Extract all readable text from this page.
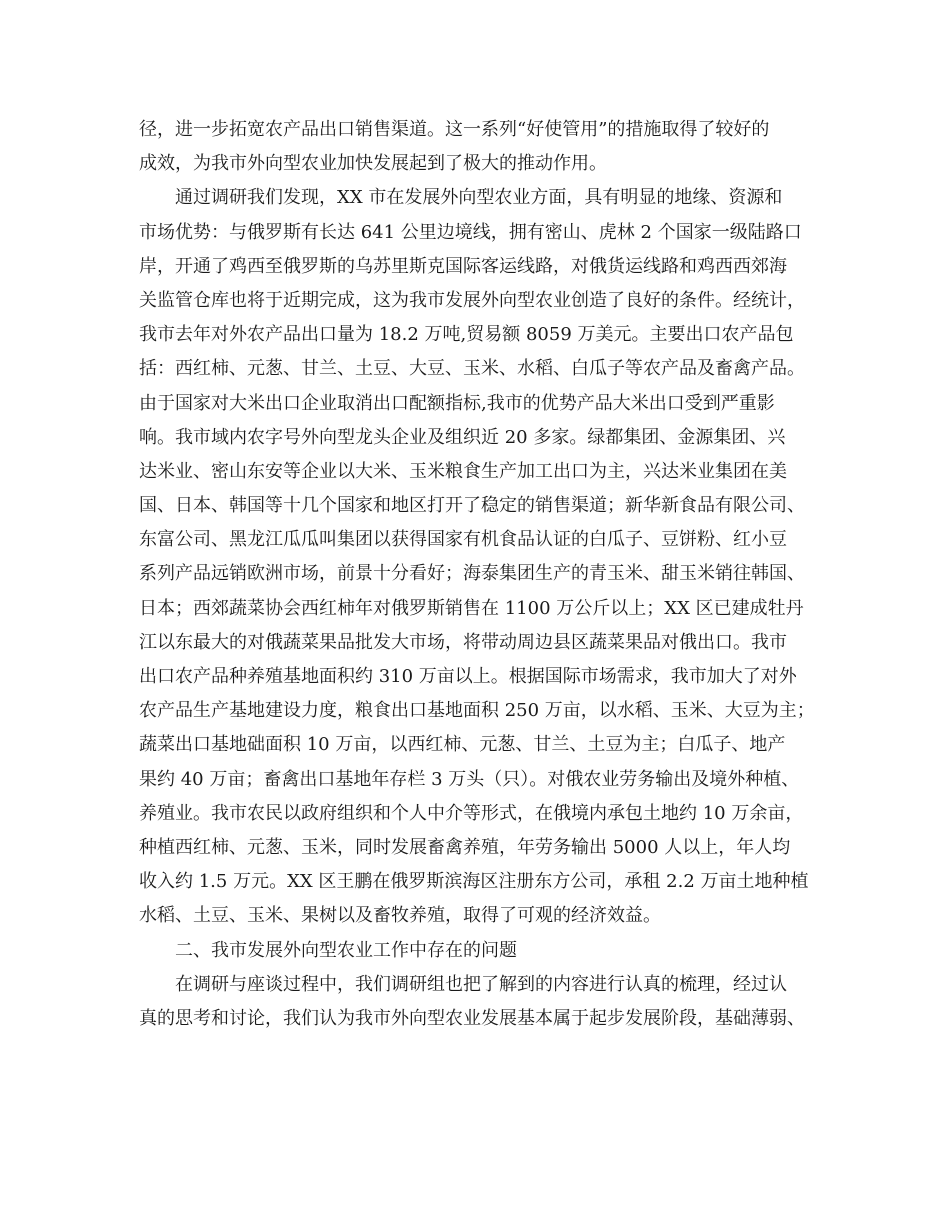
径，进一步拓宽农产品出口销售渠道。这一系列“好使管用”的措施取得了较好的
成效，为我市外向型农业加快发展起到了极大的推动作用。
通过调研我们发现，XX 市在发展外向型农业方面，具有明显的地缘、资源和
市场优势：与俄罗斯有长达 641 公里边境线，拥有密山、虎林 2 个国家一级陆路口
岸，开通了鸡西至俄罗斯的乌苏里斯克国际客运线路，对俄货运线路和鸡西西郊海
关监管仓库也将于近期完成，这为我市发展外向型农业创造了良好的条件。经统计，
我市去年对外农产品出口量为 18.2 万吨,贸易额 8059 万美元。主要出口农产品包
括：西红柿、元葱、甘兰、土豆、大豆、玉米、水稻、白瓜子等农产品及畜禽产品。
由于国家对大米出口企业取消出口配额指标,我市的优势产品大米出口受到严重影
响。我市域内农字号外向型龙头企业及组织近 20 多家。绿都集团、金源集团、兴
达米业、密山东安等企业以大米、玉米粮食生产加工出口为主，兴达米业集团在美
国、日本、韩国等十几个国家和地区打开了稳定的销售渠道；新华新食品有限公司、
东富公司、黑龙江瓜瓜叫集团以获得国家有机食品认证的白瓜子、豆饼粉、红小豆
系列产品远销欧洲市场，前景十分看好；海泰集团生产的青玉米、甜玉米销往韩国、
日本；西郊蔬菜协会西红柿年对俄罗斯销售在 1100 万公斤以上；XX 区已建成牡丹
江以东最大的对俄蔬菜果品批发大市场，将带动周边县区蔬菜果品对俄出口。我市
出口农产品种养殖基地面积约 310 万亩以上。根据国际市场需求，我市加大了对外
农产品生产基地建设力度，粮食出口基地面积 250 万亩，以水稻、玉米、大豆为主；
蔬菜出口基地础面积 10 万亩，以西红柿、元葱、甘兰、土豆为主；白瓜子、地产
果约 40 万亩；畜禽出口基地年存栏 3 万头（只）。对俄农业劳务输出及境外种植、
养殖业。我市农民以政府组织和个人中介等形式，在俄境内承包土地约 10 万余亩，
种植西红柿、元葱、玉米，同时发展畜禽养殖，年劳务输出 5000 人以上，年人均
收入约 1.5 万元。XX 区王鹏在俄罗斯滨海区注册东方公司，承租 2.2 万亩土地种植
水稻、土豆、玉米、果树以及畜牧养殖，取得了可观的经济效益。
二、我市发展外向型农业工作中存在的问题
在调研与座谈过程中，我们调研组也把了解到的内容进行认真的梳理，经过认
真的思考和讨论，我们认为我市外向型农业发展基本属于起步发展阶段，基础薄弱、
